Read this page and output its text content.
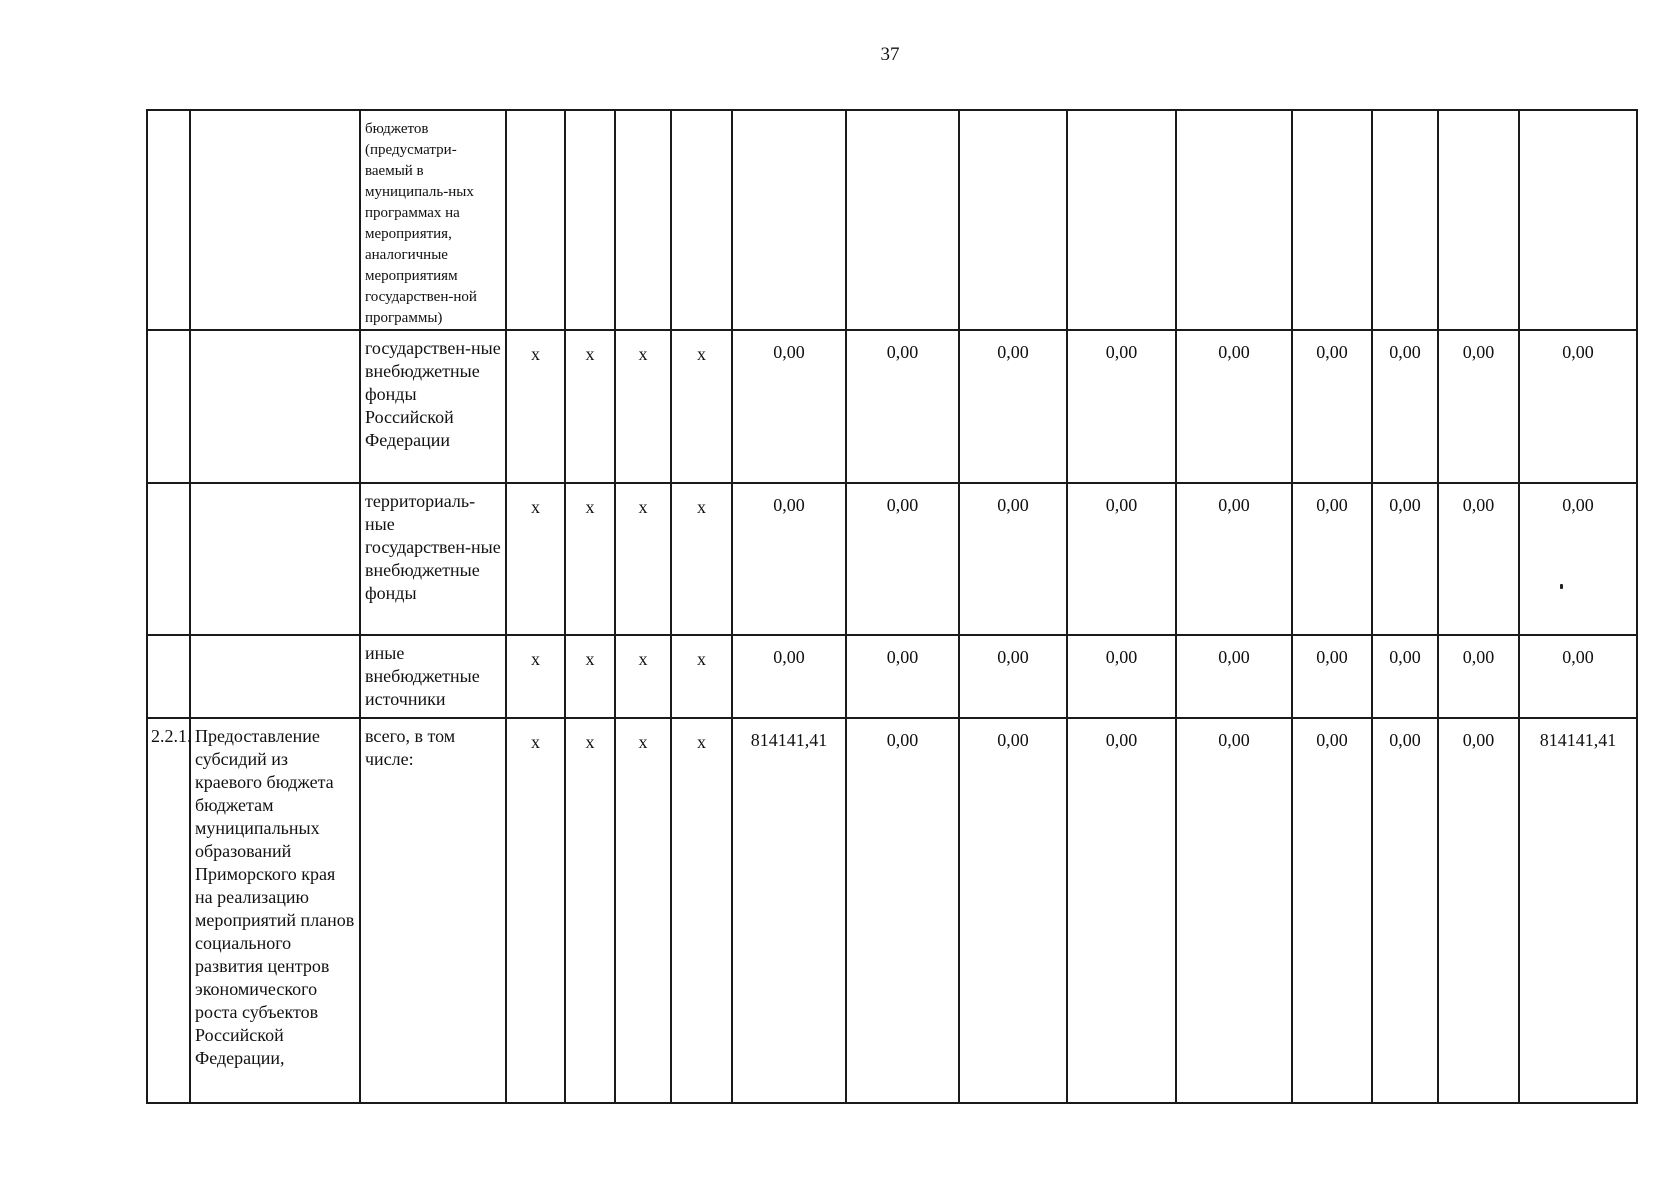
37
		бюджетов (предусматри-ваемый в муниципаль-ных программах на мероприятия, аналогичные мероприятиям государствен-ной программы)													
		государствен-ные внебюджетные фонды Российской Федерации	x	x	x	x	0,00	0,00	0,00	0,00	0,00	0,00	0,00	0,00	0,00
		территориаль-ные государствен-ные внебюджетные фонды	x	x	x	x	0,00	0,00	0,00	0,00	0,00	0,00	0,00	0,00	0,00
		иные внебюджетные источники	x	x	x	x	0,00	0,00	0,00	0,00	0,00	0,00	0,00	0,00	0,00
2.2.1.	Предоставление субсидий из краевого бюджета бюджетам муниципальных образований Приморского края на реализацию мероприятий планов социального развития центров экономического роста субъектов Российской Федерации,	всего, в том числе:	x	x	x	x	814141,41	0,00	0,00	0,00	0,00	0,00	0,00	0,00	814141,41
